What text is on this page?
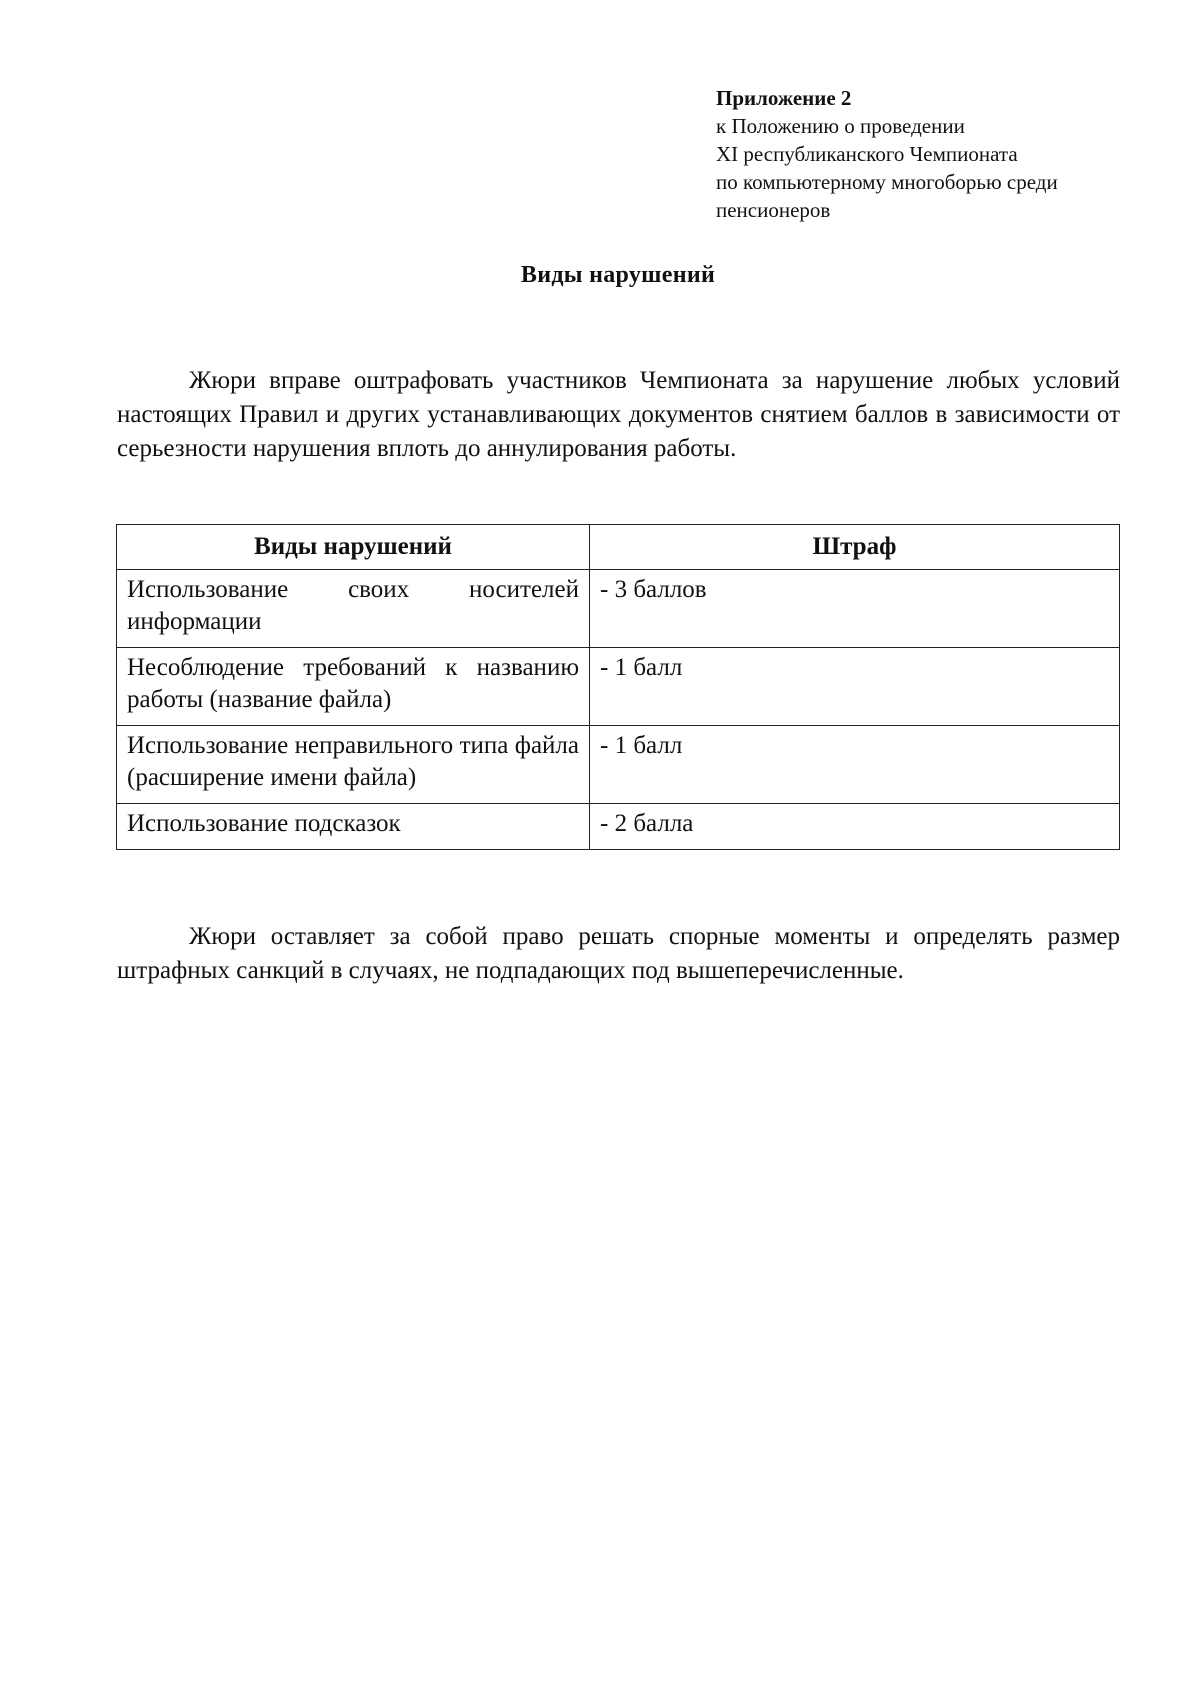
Приложение 2
к Положению о проведении
XI республиканского Чемпионата
по компьютерному многоборью среди
пенсионеров
Виды нарушений

Жюри вправе оштрафовать участников Чемпионата за нарушение любых условий настоящих Правил и других устанавливающих документов снятием баллов в зависимости от серьезности нарушения вплоть до аннулирования работы.

Виды нарушений	Штраф
Использование своих носителей информации	- 3 баллов
Несоблюдение требований к названию работы (название файла)	- 1 балл
Использование неправильного типа файла (расширение имени файла)	- 1 балл
Использование подсказок	- 2 балла

Жюри оставляет за собой право решать спорные моменты и определять размер штрафных санкций в случаях, не подпадающих под вышеперечисленные.
